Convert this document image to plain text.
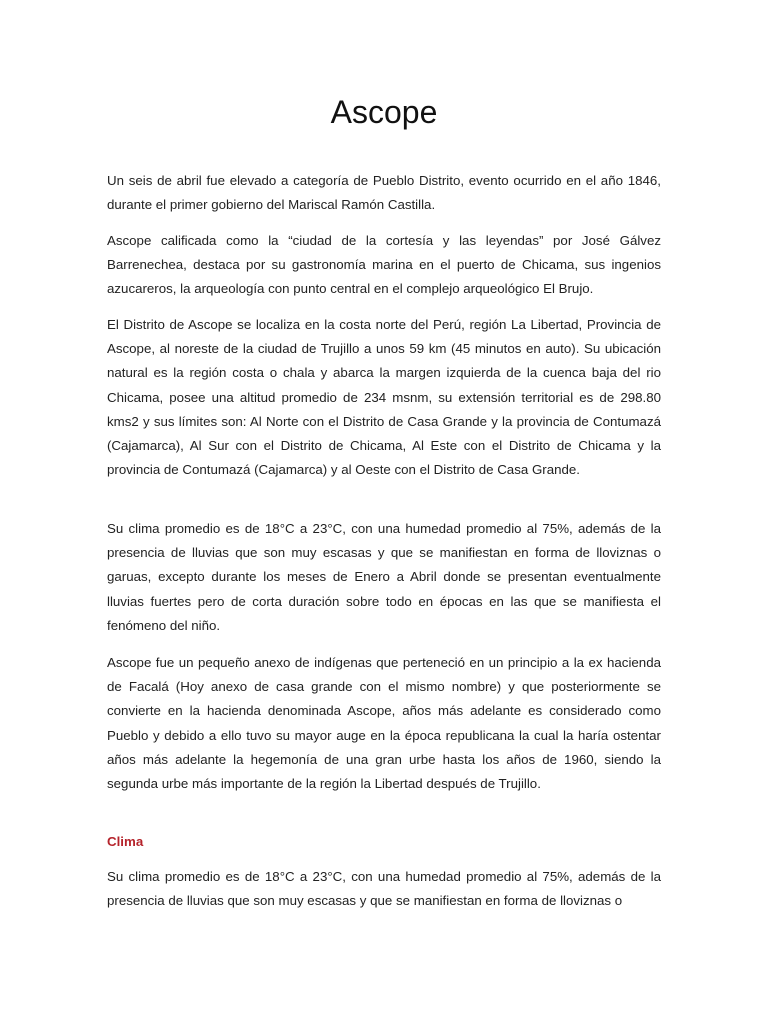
Ascope

Un seis de abril fue elevado a categoría de Pueblo Distrito, evento ocurrido en el año 1846, durante el primer gobierno del Mariscal Ramón Castilla.

Ascope calificada como la “ciudad de la cortesía y las leyendas” por José Gálvez Barrenechea, destaca por su gastronomía marina en el puerto de Chicama, sus ingenios azucareros, la arqueología con punto central en el complejo arqueológico El Brujo.

El Distrito de Ascope se localiza en la costa norte del Perú, región La Libertad, Provincia de Ascope, al noreste de la ciudad de Trujillo a unos 59 km (45 minutos en auto). Su ubicación natural es la región costa o chala y abarca la margen izquierda de la cuenca baja del rio Chicama, posee una altitud promedio de 234 msnm, su extensión territorial es de 298.80 kms2 y sus límites son: Al Norte con el Distrito de Casa Grande y la provincia de Contumazá (Cajamarca), Al Sur con el Distrito de Chicama, Al Este con el Distrito de Chicama y la provincia de Contumazá (Cajamarca) y al Oeste con el Distrito de Casa Grande.

Su clima promedio es de 18°C a 23°C, con una humedad promedio al 75%, además de la presencia de lluvias que son muy escasas y que se manifiestan en forma de lloviznas o garuas, excepto durante los meses de Enero a Abril donde se presentan eventualmente lluvias fuertes pero de corta duración sobre todo en épocas en las que se manifiesta el fenómeno del niño.

Ascope fue un pequeño anexo de indígenas que perteneció en un principio a la ex hacienda de Facalá (Hoy anexo de casa grande con el mismo nombre) y que posteriormente se convierte en la hacienda denominada Ascope, años más adelante es considerado como Pueblo y debido a ello tuvo su mayor auge en la época republicana la cual la haría ostentar años más adelante la hegemonía de una gran urbe hasta los años de 1960, siendo la segunda urbe más importante de la región la Libertad después de Trujillo.

Clima

Su clima promedio es de 18°C a 23°C, con una humedad promedio al 75%, además de la presencia de lluvias que son muy escasas y que se manifiestan en forma de lloviznas o
